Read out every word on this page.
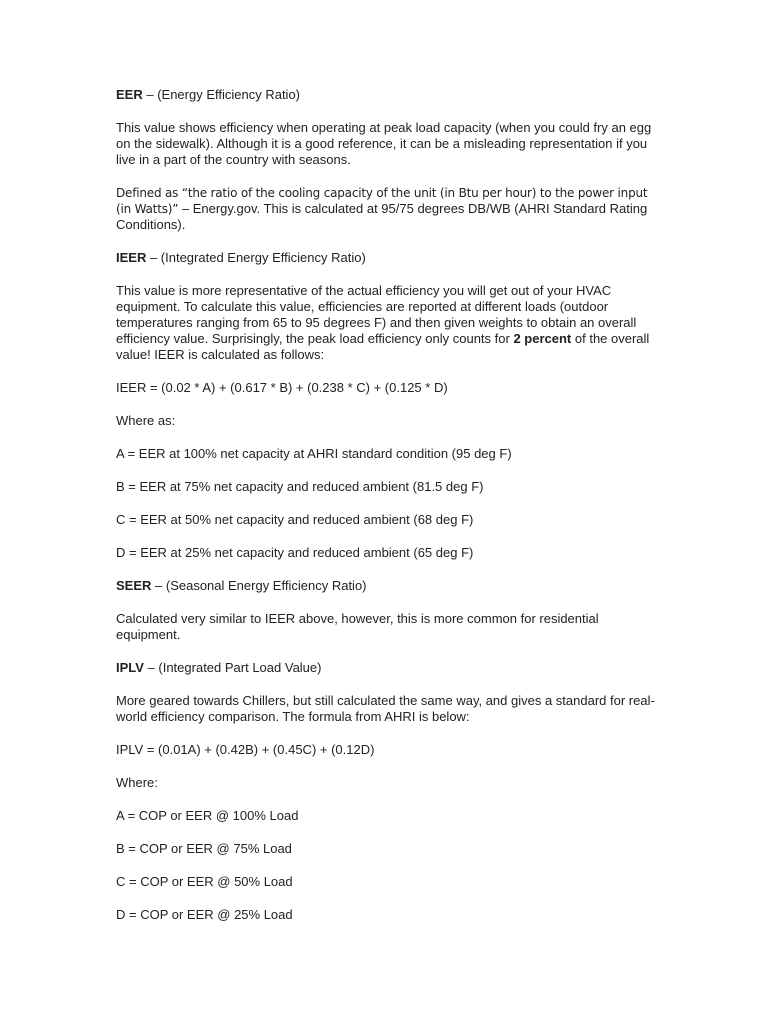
EER – (Energy Efficiency Ratio)

This value shows efficiency when operating at peak load capacity (when you could fry an egg on the sidewalk). Although it is a good reference, it can be a misleading representation if you live in a part of the country with seasons.

Defined as “the ratio of the cooling capacity of the unit (in Btu per hour) to the power input (in Watts)” – Energy.gov. This is calculated at 95/75 degrees DB/WB (AHRI Standard Rating Conditions).

IEER – (Integrated Energy Efficiency Ratio)

This value is more representative of the actual efficiency you will get out of your HVAC equipment. To calculate this value, efficiencies are reported at different loads (outdoor temperatures ranging from 65 to 95 degrees F) and then given weights to obtain an overall efficiency value. Surprisingly, the peak load efficiency only counts for 2 percent of the overall value! IEER is calculated as follows:

IEER = (0.02 * A) + (0.617 * B) + (0.238 * C) + (0.125 * D)

Where as:

A = EER at 100% net capacity at AHRI standard condition (95 deg F)

B = EER at 75% net capacity and reduced ambient (81.5 deg F)

C = EER at 50% net capacity and reduced ambient (68 deg F)

D = EER at 25% net capacity and reduced ambient (65 deg F)

SEER – (Seasonal Energy Efficiency Ratio)

Calculated very similar to IEER above, however, this is more common for residential equipment.

IPLV – (Integrated Part Load Value)

More geared towards Chillers, but still calculated the same way, and gives a standard for real-world efficiency comparison. The formula from AHRI is below:

IPLV = (0.01A) + (0.42B) + (0.45C) + (0.12D)

Where:

A = COP or EER @ 100% Load

B = COP or EER @ 75% Load

C = COP or EER @ 50% Load

D = COP or EER @ 25% Load
